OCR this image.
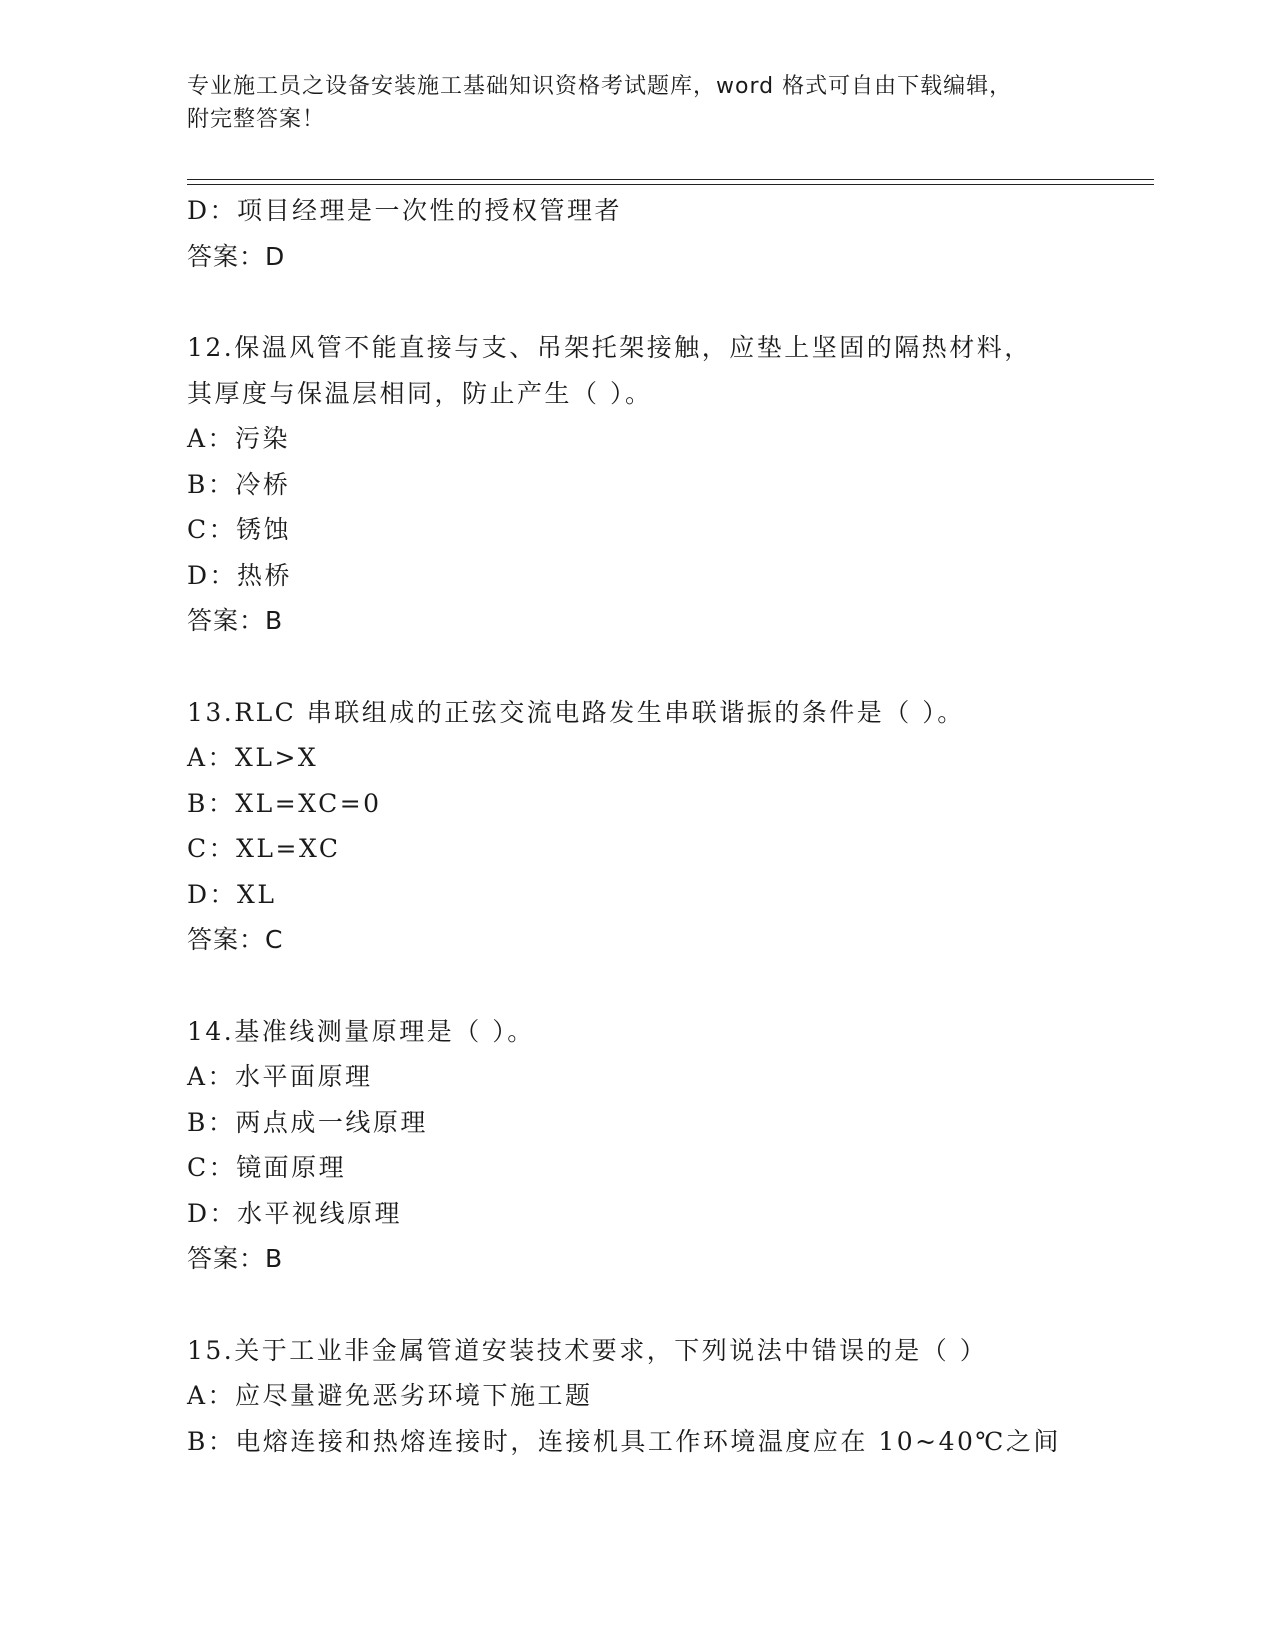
专业施工员之设备安装施工基础知识资格考试题库，word 格式可自由下载编辑，
附完整答案！
D：项目经理是一次性的授权管理者
答案：D
12.保温风管不能直接与支、吊架托架接触，应垫上坚固的隔热材料，
其厚度与保温层相同，防止产生（ ）。
A：污染
B：冷桥
C：锈蚀
D：热桥
答案：B
13.RLC 串联组成的正弦交流电路发生串联谐振的条件是（ ）。
A：XL>X
B：XL=XC=0
C：XL=XC
D：XL
答案：C
14.基准线测量原理是（ ）。
A：水平面原理
B：两点成一线原理
C：镜面原理
D：水平视线原理
答案：B
15.关于工业非金属管道安装技术要求，下列说法中错误的是（ ）
A：应尽量避免恶劣环境下施工题
B：电熔连接和热熔连接时，连接机具工作环境温度应在 10~40℃之间
